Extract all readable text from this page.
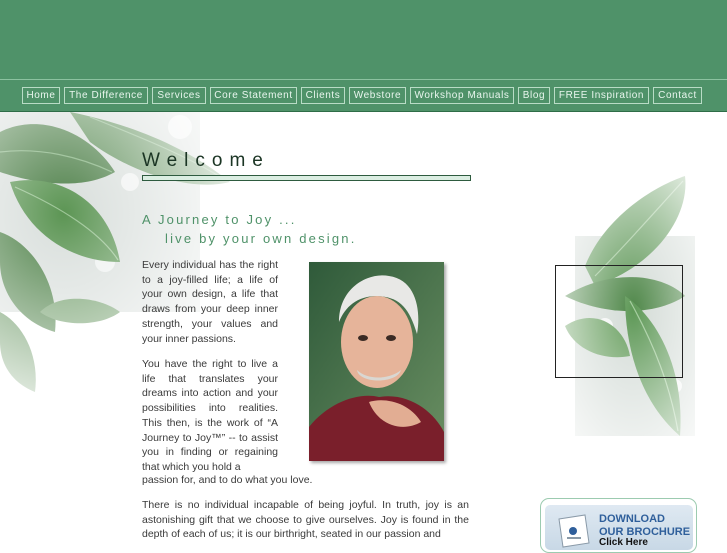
Home	The Difference	Services	Core Statement	Clients	Webstore	Workshop Manuals	Blog	FREE Inspiration	Contact
Welcome
A Journey to Joy ...
live by your own design.
Every individual has the right to a joy-filled life; a life of your own design, a life that draws from your deep inner strength, your values and your inner passions.
You have the right to live a life that translates your dreams into action and your possibilities into realities. This then, is the work of “A Journey to Joy™” -- to assist you in finding or regaining that which you hold a
passion for, and to do what you love.
There is no individual incapable of being joyful. In truth, joy is an astonishing gift that we choose to give ourselves. Joy is found in the depth of each of us; it is our birthright, seated in our passion and
DOWNLOAD
OUR BROCHURE
Click Here
